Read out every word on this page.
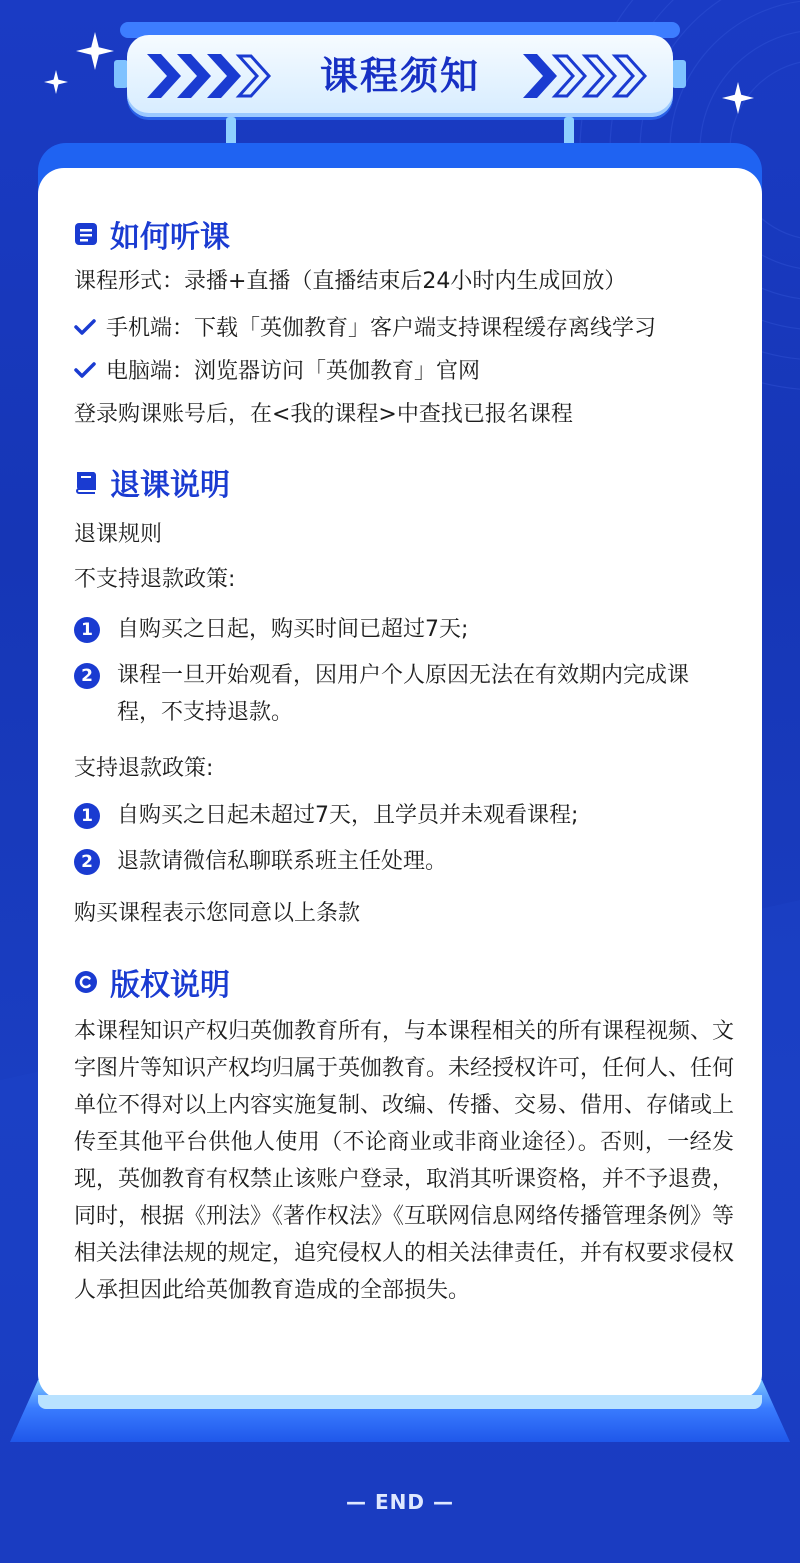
课程须知
如何听课
课程形式：录播+直播（直播结束后24小时内生成回放）
手机端：下载「英伽教育」客户端支持课程缓存离线学习
电脑端：浏览器访问「英伽教育」官网
登录购课账号后，在<我的课程>中查找已报名课程
退课说明
退课规则
不支持退款政策:
1	自购买之日起，购买时间已超过7天;
2	课程一旦开始观看，因用户个人原因无法在有效期内完成课程，不支持退款。
支持退款政策:
1	自购买之日起未超过7天，且学员并未观看课程;
2	退款请微信私聊联系班主任处理。
购买课程表示您同意以上条款
版权说明
本课程知识产权归英伽教育所有，与本课程相关的所有课程视频、文字图片等知识产权均归属于英伽教育。未经授权许可，任何人、任何单位不得对以上内容实施复制、改编、传播、交易、借用、存储或上传至其他平台供他人使用（不论商业或非商业途径）。否则，一经发现，英伽教育有权禁止该账户登录，取消其听课资格，并不予退费，同时，根据《刑法》《著作权法》《互联网信息网络传播管理条例》等相关法律法规的规定，追究侵权人的相关法律责任，并有权要求侵权人承担因此给英伽教育造成的全部损失。
— END —
